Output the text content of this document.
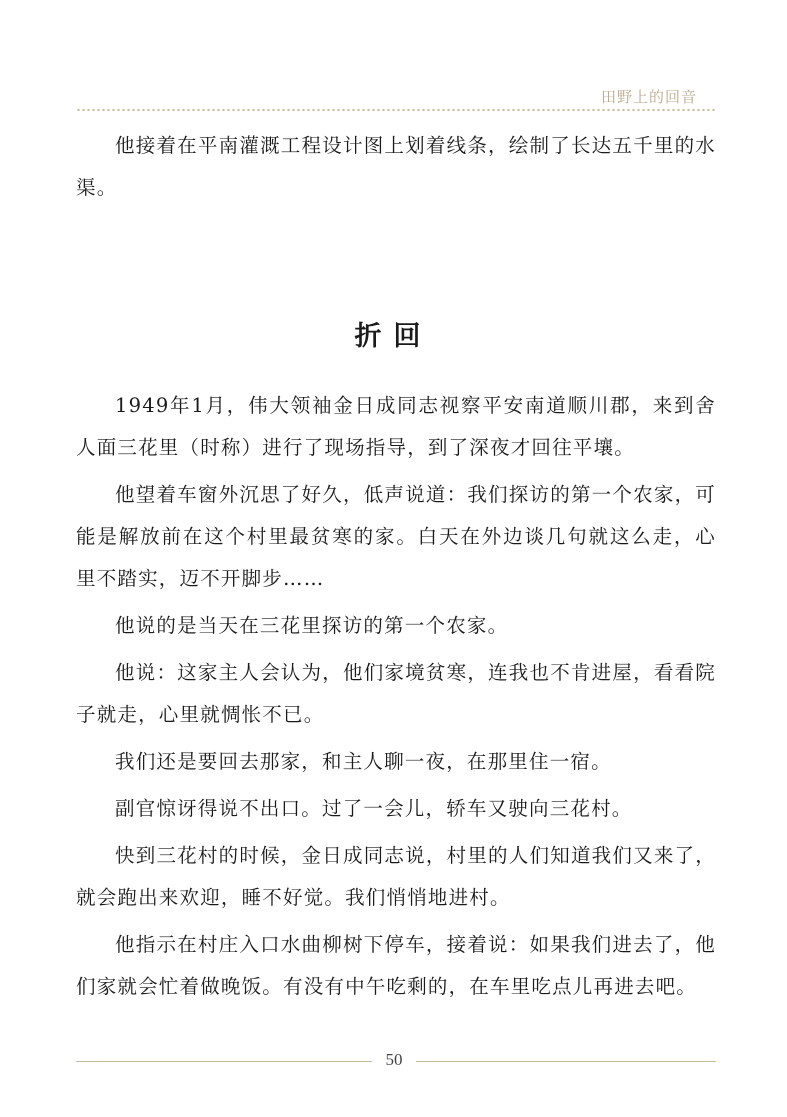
田野上的回音

他接着在平南灌溉工程设计图上划着线条，绘制了长达五千里的水渠。

折回

1949年1月，伟大领袖金日成同志视察平安南道顺川郡，来到舍人面三花里（时称）进行了现场指导，到了深夜才回往平壤。

他望着车窗外沉思了好久，低声说道：我们探访的第一个农家，可能是解放前在这个村里最贫寒的家。白天在外边谈几句就这么走，心里不踏实，迈不开脚步……

他说的是当天在三花里探访的第一个农家。

他说：这家主人会认为，他们家境贫寒，连我也不肯进屋，看看院子就走，心里就惆怅不已。

我们还是要回去那家，和主人聊一夜，在那里住一宿。

副官惊讶得说不出口。过了一会儿，轿车又驶向三花村。

快到三花村的时候，金日成同志说，村里的人们知道我们又来了，就会跑出来欢迎，睡不好觉。我们悄悄地进村。

他指示在村庄入口水曲柳树下停车，接着说：如果我们进去了，他们家就会忙着做晚饭。有没有中午吃剩的，在车里吃点儿再进去吧。

50
